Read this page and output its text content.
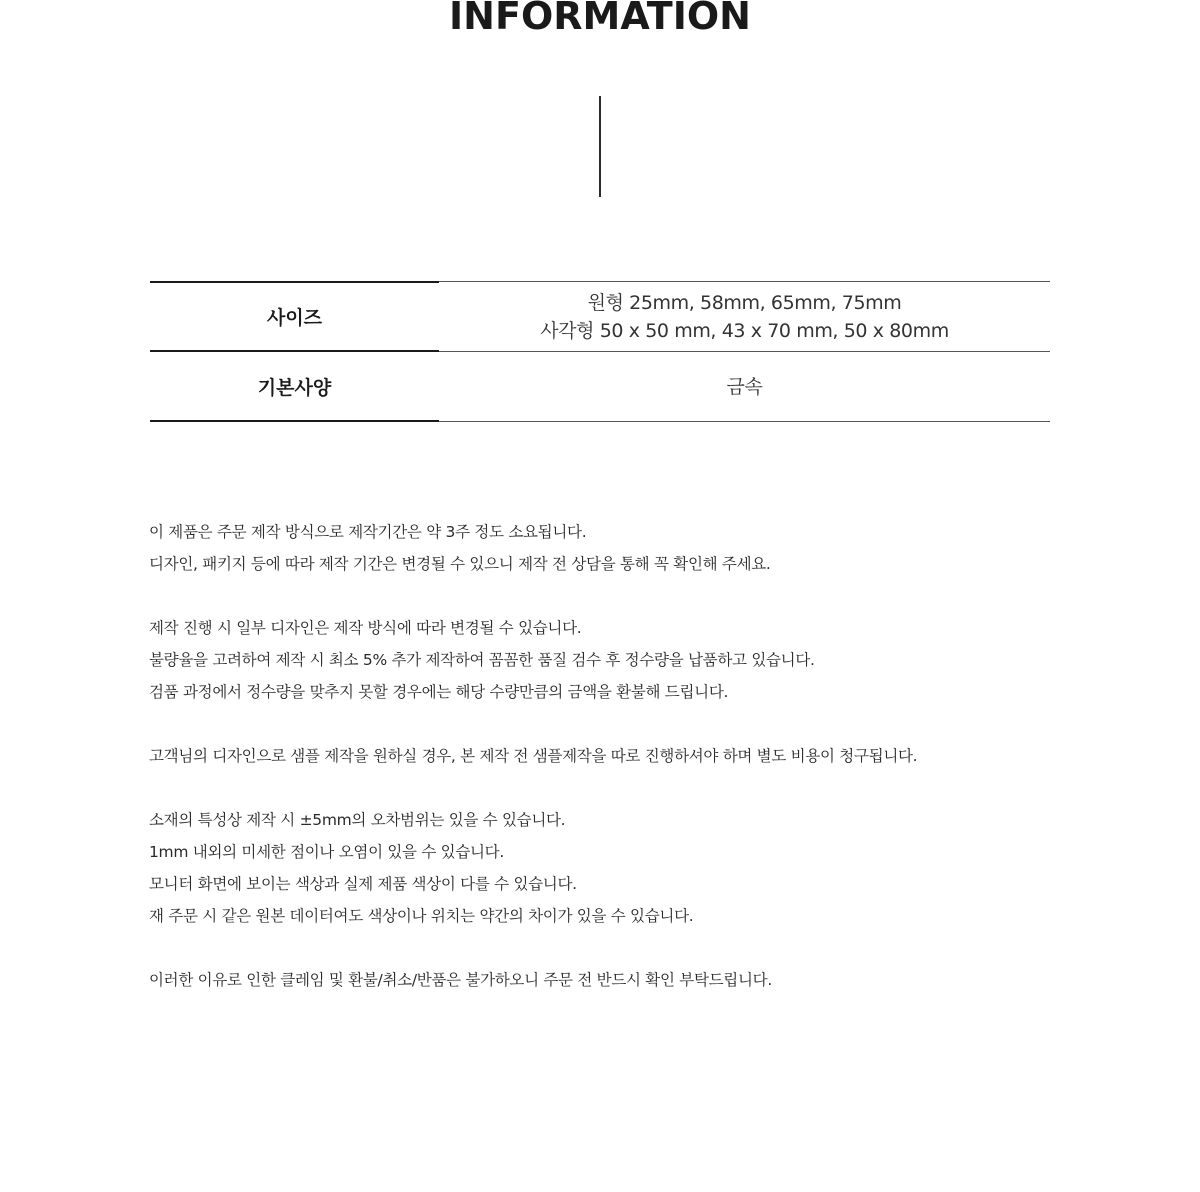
INFORMATION
사이즈
원형 25mm, 58mm, 65mm, 75mm
사각형 50 x 50 mm, 43 x 70 mm, 50 x 80mm
기본사양	금속
이 제품은 주문 제작 방식으로 제작기간은 약 3주 정도 소요됩니다.
디자인, 패키지 등에 따라 제작 기간은 변경될 수 있으니 제작 전 상담을 통해 꼭 확인해 주세요.
제작 진행 시 일부 디자인은 제작 방식에 따라 변경될 수 있습니다.
불량율을 고려하여 제작 시 최소 5% 추가 제작하여 꼼꼼한 품질 검수 후 정수량을 납품하고 있습니다.
검품 과정에서 정수량을 맞추지 못할 경우에는 해당 수량만큼의 금액을 환불해 드립니다.
고객님의 디자인으로 샘플 제작을 원하실 경우, 본 제작 전 샘플제작을 따로 진행하셔야 하며 별도 비용이 청구됩니다.
소재의 특성상 제작 시 ±5mm의 오차범위는 있을 수 있습니다.
1mm 내외의 미세한 점이나 오염이 있을 수 있습니다.
모니터 화면에 보이는 색상과 실제 제품 색상이 다를 수 있습니다.
재 주문 시 같은 원본 데이터여도 색상이나 위치는 약간의 차이가 있을 수 있습니다.
이러한 이유로 인한 클레임 및 환불/취소/반품은 불가하오니 주문 전 반드시 확인 부탁드립니다.
